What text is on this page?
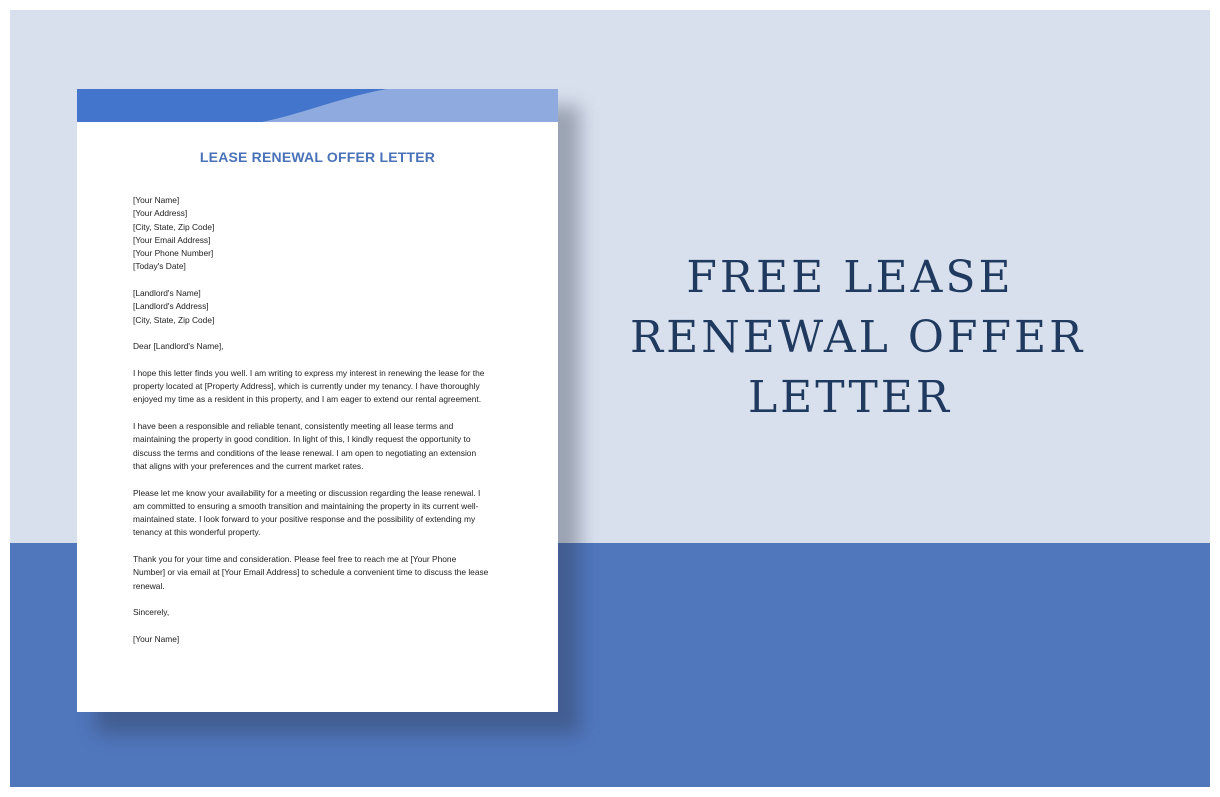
LEASE RENEWAL OFFER LETTER
[Your Name]
[Your Address]
[City, State, Zip Code]
[Your Email Address]
[Your Phone Number]
[Today's Date]
[Landlord's Name]
[Landlord's Address]
[City, State, Zip Code]
Dear [Landlord's Name],
I hope this letter finds you well. I am writing to express my interest in renewing the lease for the
property located at [Property Address], which is currently under my tenancy. I have thoroughly
enjoyed my time as a resident in this property, and I am eager to extend our rental agreement.
I have been a responsible and reliable tenant, consistently meeting all lease terms and
maintaining the property in good condition. In light of this, I kindly request the opportunity to
discuss the terms and conditions of the lease renewal. I am open to negotiating an extension
that aligns with your preferences and the current market rates.
Please let me know your availability for a meeting or discussion regarding the lease renewal. I
am committed to ensuring a smooth transition and maintaining the property in its current well-
maintained state. I look forward to your positive response and the possibility of extending my
tenancy at this wonderful property.
Thank you for your time and consideration. Please feel free to reach me at [Your Phone
Number] or via email at [Your Email Address] to schedule a convenient time to discuss the lease
renewal.
Sincerely,
[Your Name]
FREE LEASE
RENEWAL OFFER
LETTER
